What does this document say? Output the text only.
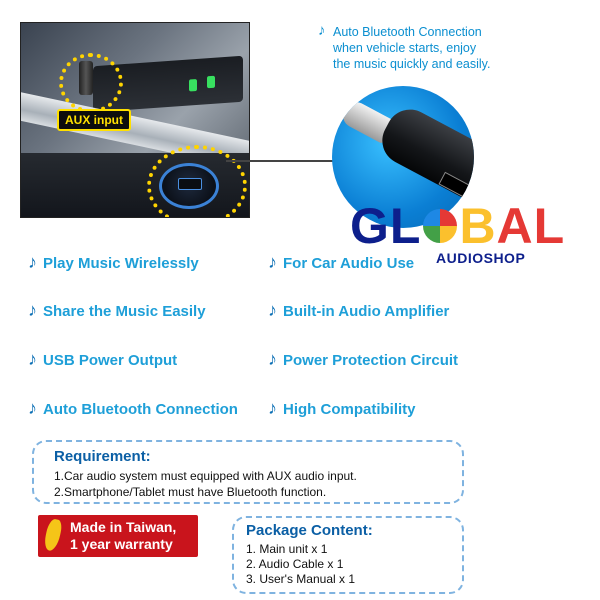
AUX input
♪ Auto Bluetooth Connection
when vehicle starts, enjoy
the music quickly and easily.
GL BAL
AUDIOSHOP
♪ Play Music Wirelessly	♪ For Car Audio Use
♪ Share the Music Easily	♪ Built-in Audio Amplifier
♪ USB Power Output	♪ Power Protection Circuit
♪ Auto Bluetooth Connection ♪ High Compatibility
Requirement:
1.Car audio system must equipped with AUX audio input.
2.Smartphone/Tablet must have Bluetooth function.
Made in Taiwan,
1 year warranty
Package Content:
1. Main unit x 1
2. Audio Cable x 1
3. User's Manual x 1
